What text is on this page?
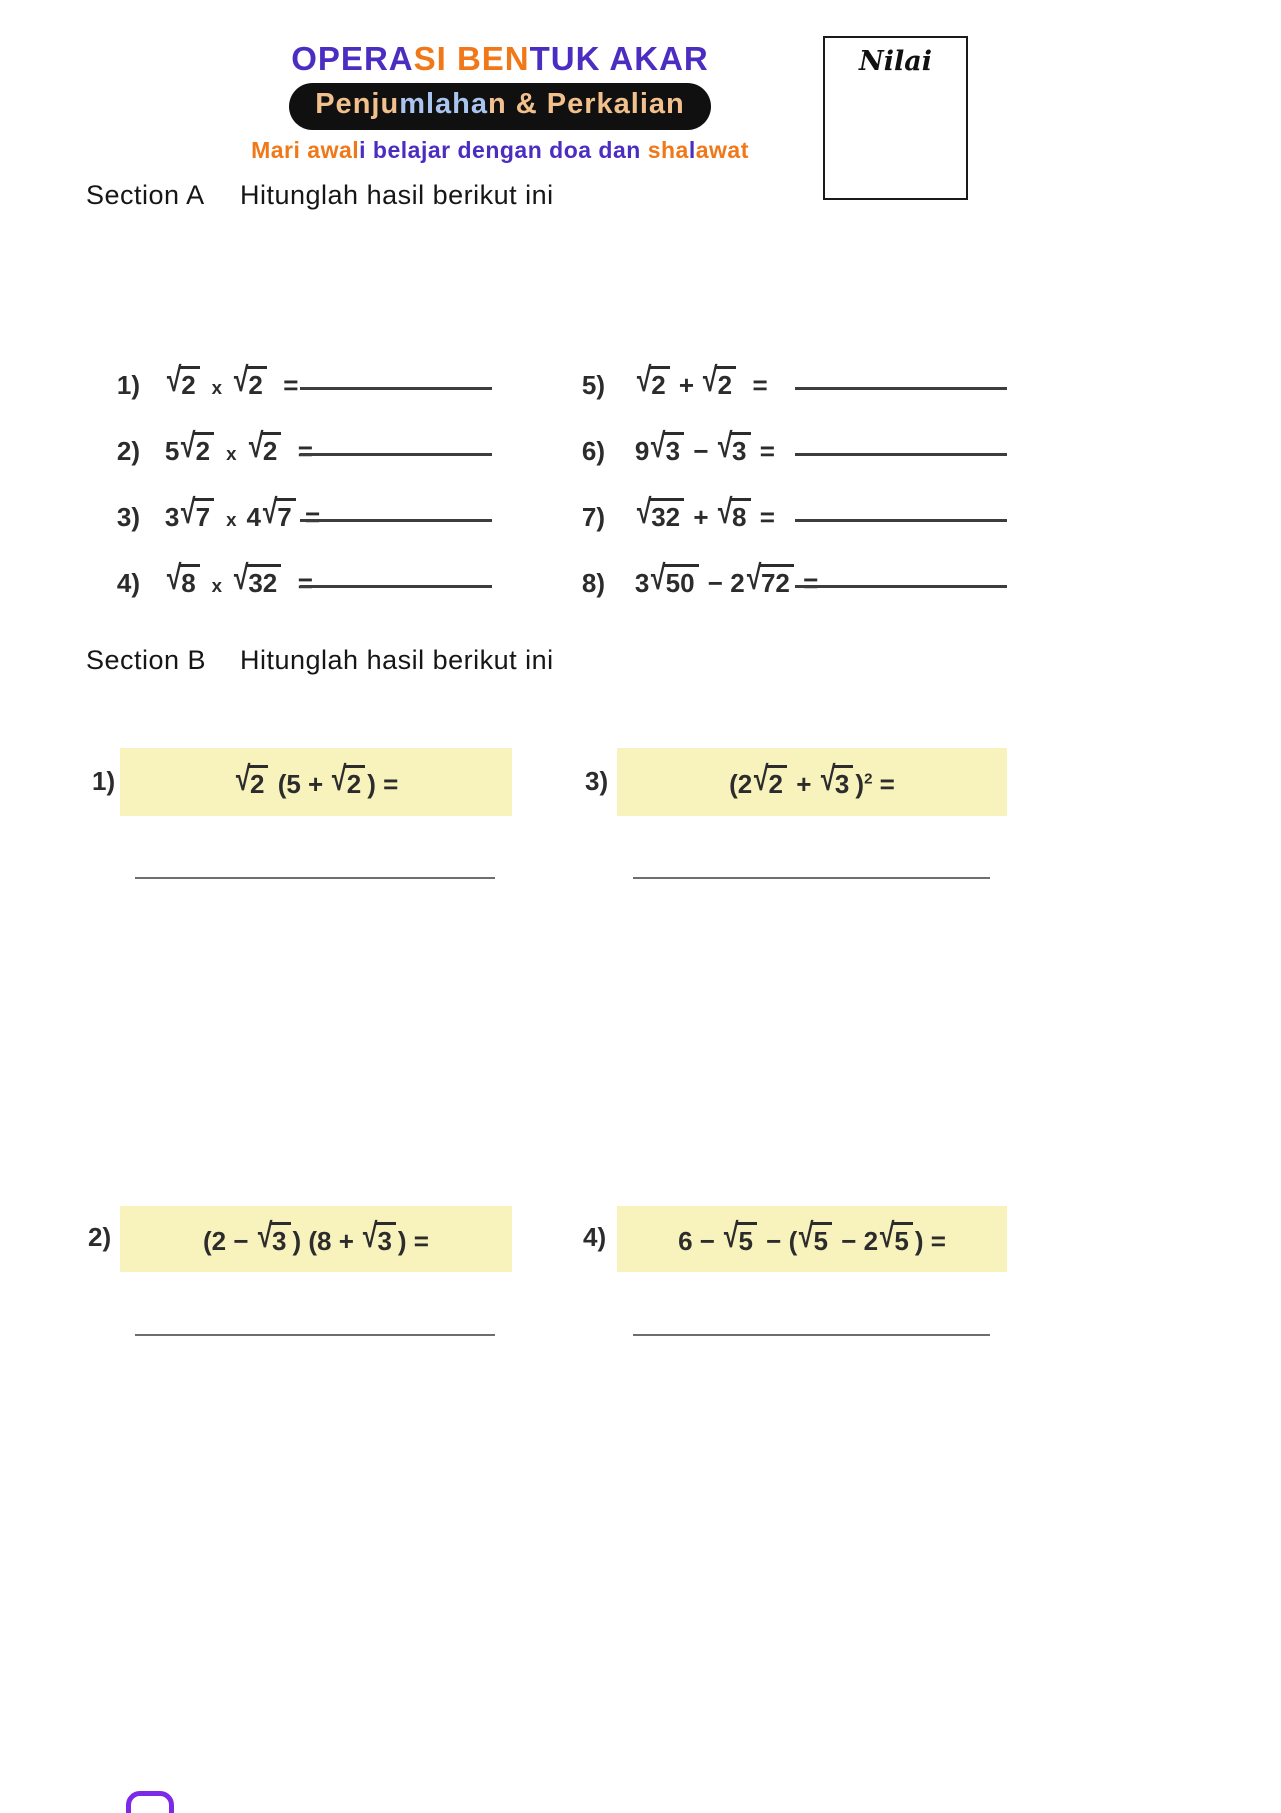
OPERASI BENTUK AKAR
Penjumlahan & Perkalian
Mari awali belajar dengan doa dan shalawat
Nilai
Section A Hitunglah hasil berikut ini

1) √2 x √2  =

2) 5√2 x √2  =

3) 3√7 x 4√7 =

4) √8 x √32  =

5) √2 + √2  =

6) 9√3 − √3 =

7) √32 + √8 =

8) 3√50 − 2√72 =

Section B Hitunglah hasil berikut ini
1)	√2 (5 + √2 ) =	3)	(2√2 + √3 )$^2$ =
2)	(2 − √3 ) (8 + √3 ) =	4)	6 − √5 − (√5 − 2√5 ) =
